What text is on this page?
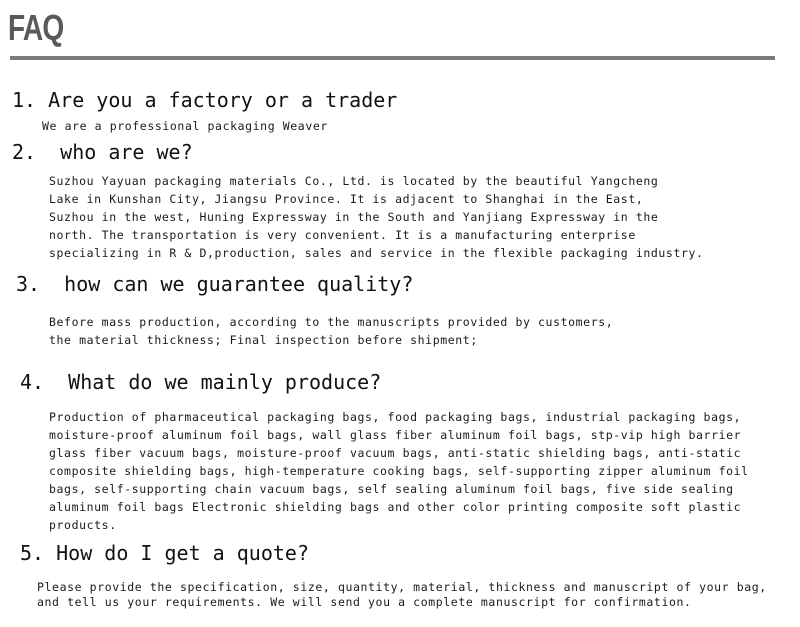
FAQ
1. Are you a factory or a trader
We are a professional packaging Weaver
2.  who are we?
Suzhou Yayuan packaging materials Co., Ltd. is located by the beautiful Yangcheng
Lake in Kunshan City, Jiangsu Province. It is adjacent to Shanghai in the East,
Suzhou in the west, Huning Expressway in the South and Yanjiang Expressway in the
north. The transportation is very convenient. It is a manufacturing enterprise
specializing in R & D,production, sales and service in the flexible packaging industry.
3.  how can we guarantee quality?
Before mass production, according to the manuscripts provided by customers,
the material thickness; Final inspection before shipment;
4.  What do we mainly produce?
Production of pharmaceutical packaging bags, food packaging bags, industrial packaging bags,
moisture-proof aluminum foil bags, wall glass fiber aluminum foil bags, stp-vip high barrier
glass fiber vacuum bags, moisture-proof vacuum bags, anti-static shielding bags, anti-static
composite shielding bags, high-temperature cooking bags, self-supporting zipper aluminum foil
bags, self-supporting chain vacuum bags, self sealing aluminum foil bags, five side sealing
aluminum foil bags Electronic shielding bags and other color printing composite soft plastic
products.
5. How do I get a quote?
Please provide the specification, size, quantity, material, thickness and manuscript of your bag,
and tell us your requirements. We will send you a complete manuscript for confirmation.
